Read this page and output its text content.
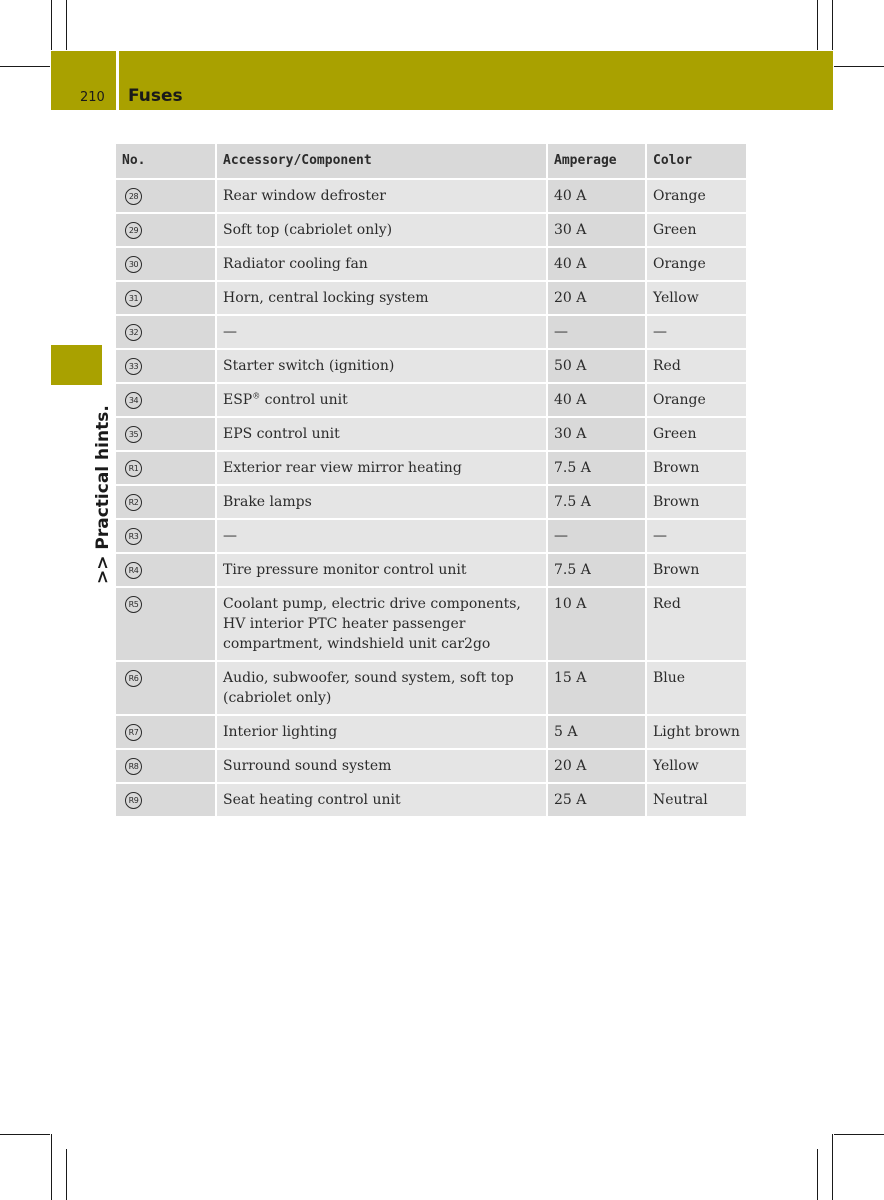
210 Fuses
>> Practical hints.
No.	Accessory/Component	Amperage	Color
28	Rear window defroster	40 A	Orange
29	Soft top (cabriolet only)	30 A	Green
30	Radiator cooling fan	40 A	Orange
31	Horn, central locking system	20 A	Yellow
32	—	—	—
33	Starter switch (ignition)	50 A	Red
34	ESP® control unit	40 A	Orange
35	EPS control unit	30 A	Green
R1	Exterior rear view mirror heating	7.5 A	Brown
R2	Brake lamps	7.5 A	Brown
R3	—	—	—
R4	Tire pressure monitor control unit	7.5 A	Brown
R5	Coolant pump, electric drive components, HV interior PTC heater passenger compartment, windshield unit car2go	10 A	Red
R6	Audio, subwoofer, sound system, soft top (cabriolet only)	15 A	Blue
R7	Interior lighting	5 A	Light brown
R8	Surround sound system	20 A	Yellow
R9	Seat heating control unit	25 A	Neutral
